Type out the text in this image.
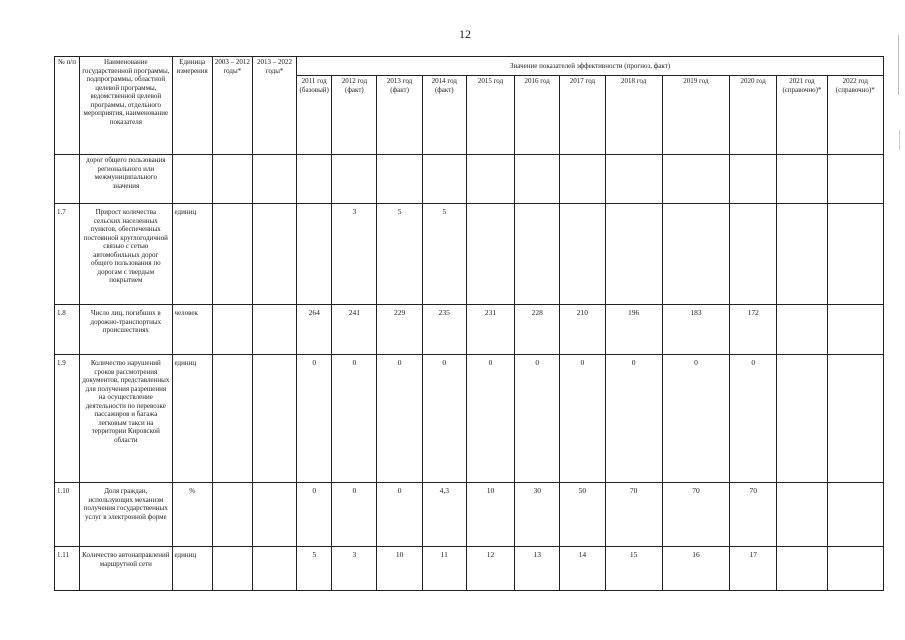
12
№ п/п	Наименование государственной программы, подпрограммы, областной целевой программы, ведомственной целевой программы, отдельного мероприятия, наименование показателя	Единица измерения	2003 – 2012 годы*	2013 – 2022 годы*	Значение показателей эффективности (прогноз, факт)											
					2011 год (базовый)	2012 год (факт)	2013 год (факт)	2014 год (факт)	2015 год	2016 год	2017 год	2018 год	2019 год	2020 год	2021 год (справочно)*	2022 год (справочно)*
	дорог общего пользования регионального или межмуниципального значения															
1.7	Прирост количества сельских населенных пунктов, обеспеченных постоянной круглогодичной связью с сетью автомобильных дорог общего пользования по дорогам с твердым покрытием	единиц				3	5	5								
1.8	Число лиц, погибших в дорожно-транспортных происшествиях	человек			264	241	229	235	231	228	210	196	183	172		
1.9	Количество нарушений сроков рассмотрения документов, представленных для получения разрешения на осуществление деятельности по перевозке пассажиров и багажа легковым такси на территории Кировской области	единиц			0	0	0	0	0	0	0	0	0	0		
1.10	Доля граждан, использующих механизм получения государственных услуг в электронной форме	%			0	0	0	4,3	10	30	50	70	70	70		
1.11	Количество автонаправлений маршрутной сети	единиц			5	3	10	11	12	13	14	15	16	17		
